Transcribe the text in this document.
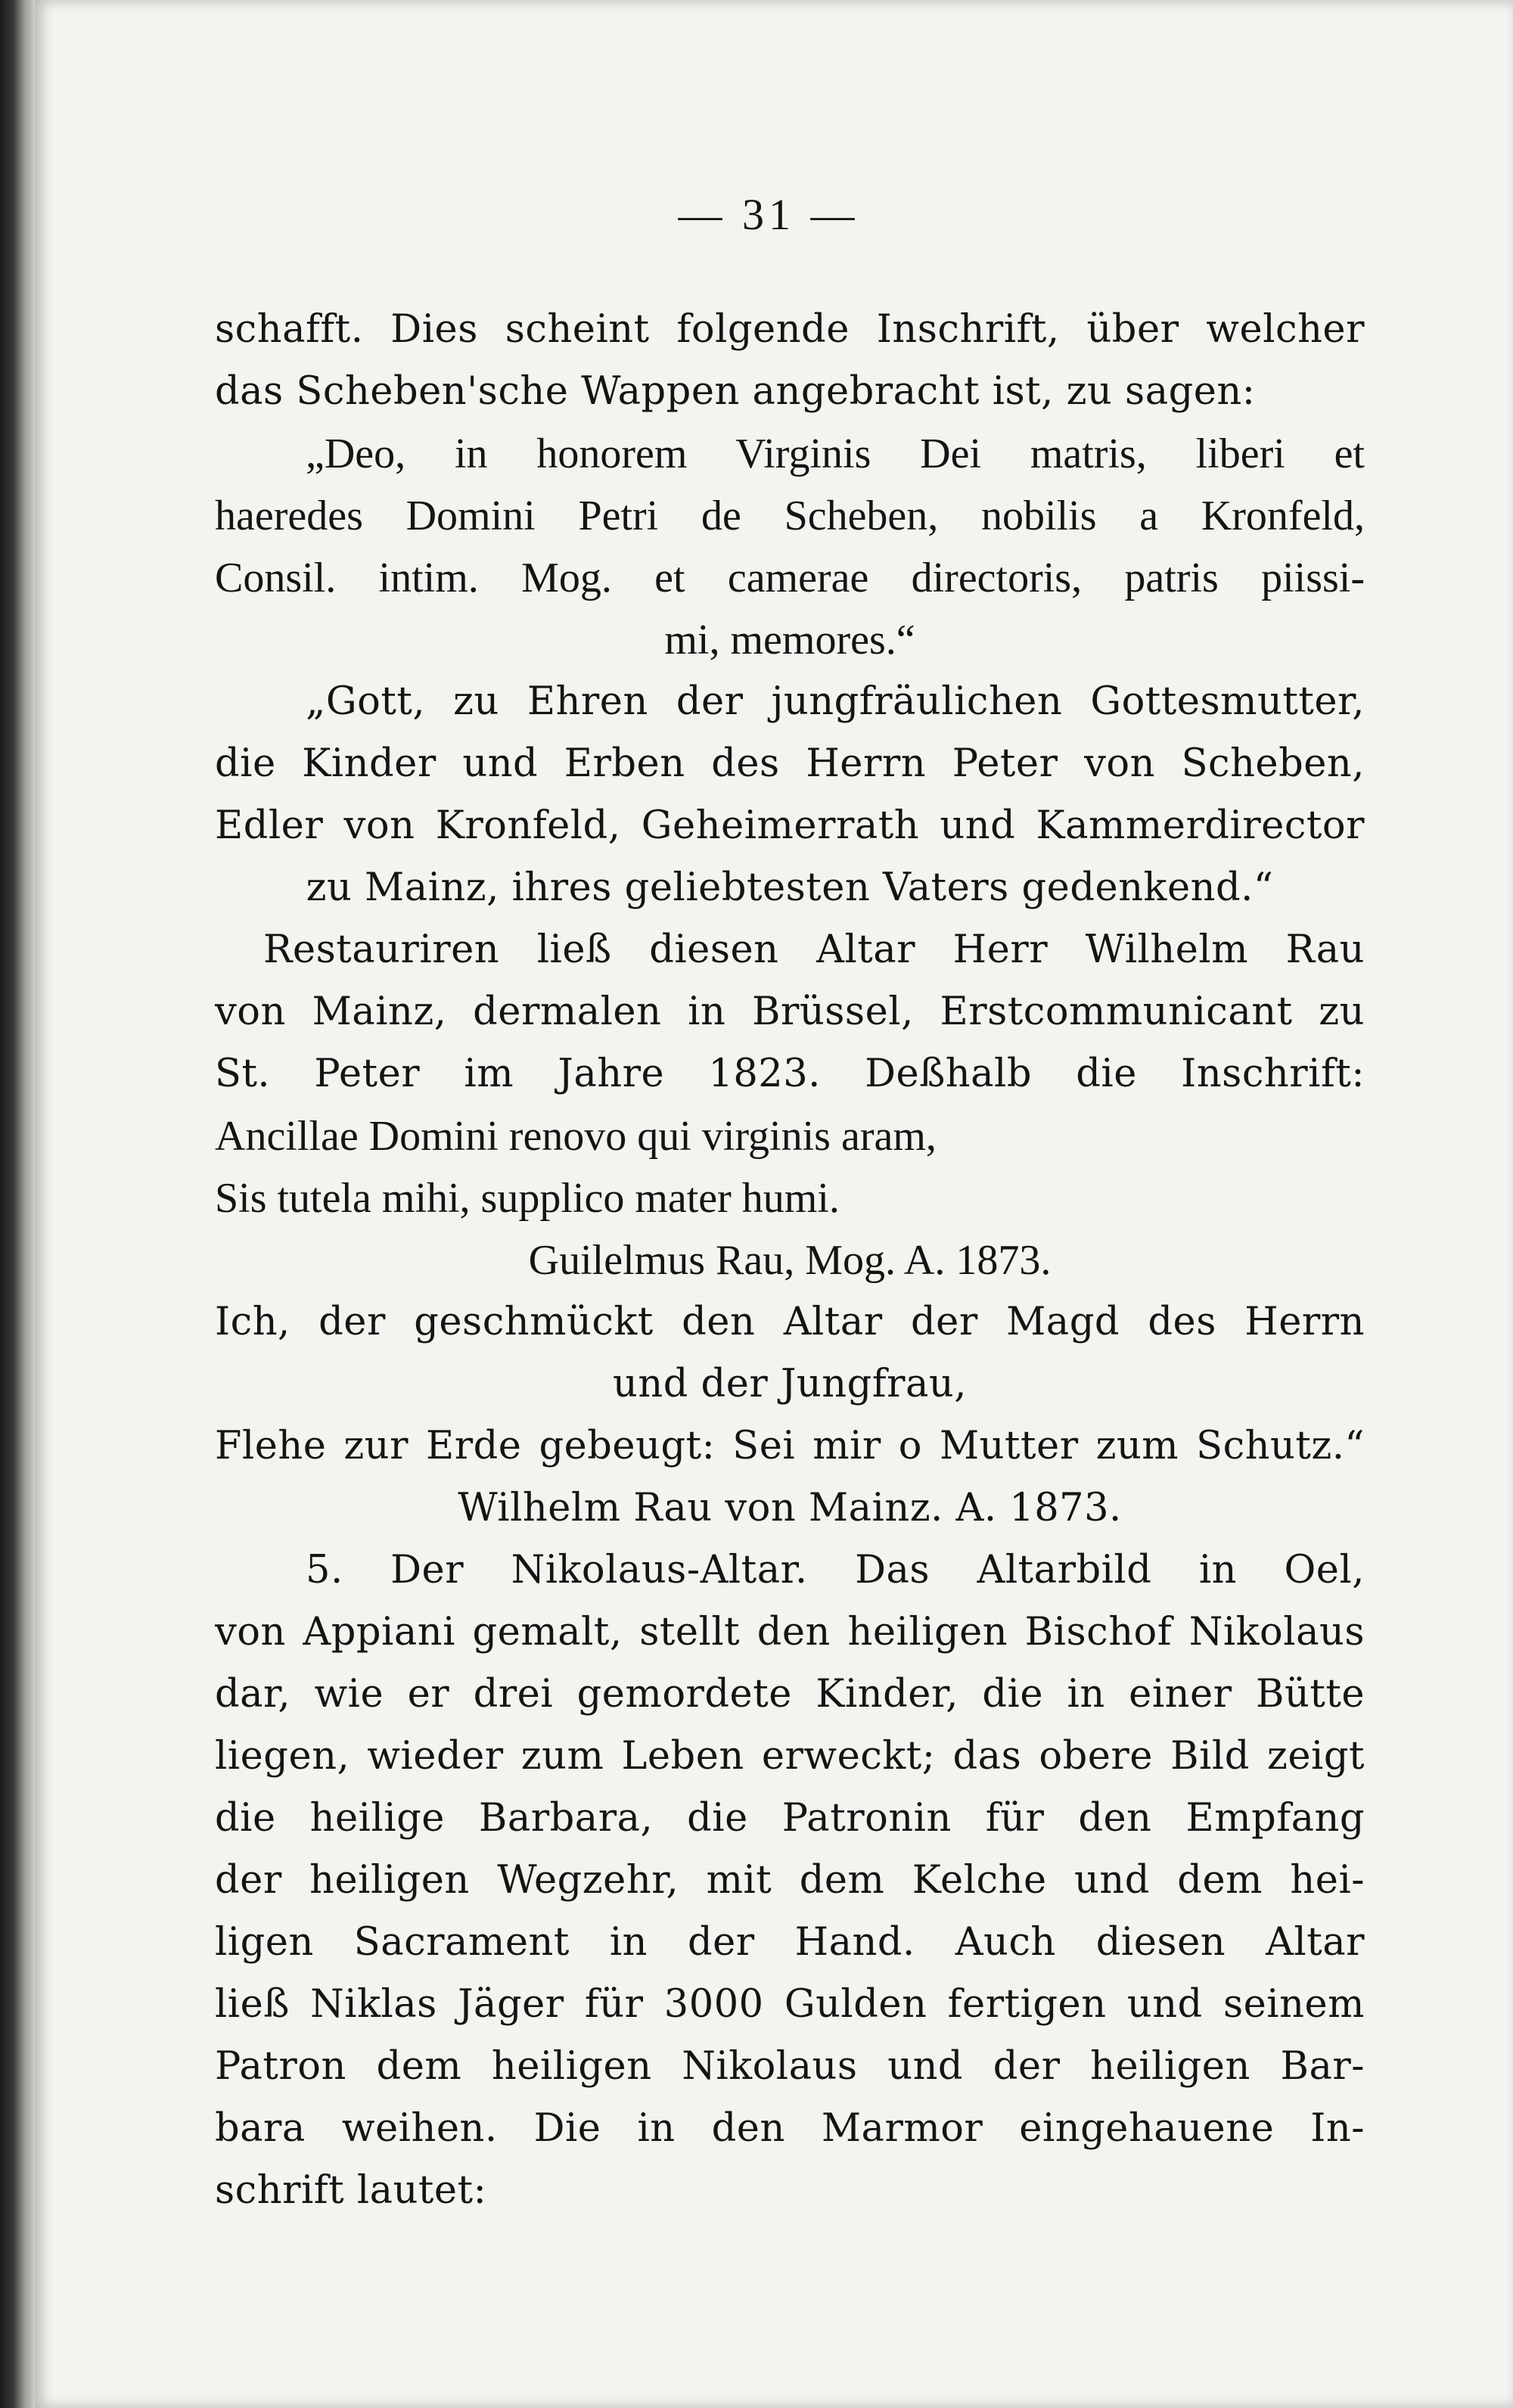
— 31 —
schafft. Dies scheint folgende Inschrift, über welcher
das Scheben'sche Wappen angebracht ist, zu sagen:
„Deo, in honorem Virginis Dei matris, liberi et
haeredes Domini Petri de Scheben, nobilis a Kronfeld,
Consil. intim. Mog. et camerae directoris, patris piissi-
mi, memores.“
„Gott, zu Ehren der jungfräulichen Gottesmutter,
die Kinder und Erben des Herrn Peter von Scheben,
Edler von Kronfeld, Geheimerrath und Kammerdirector
zu Mainz, ihres geliebtesten Vaters gedenkend.“
Restauriren ließ diesen Altar Herr Wilhelm Rau
von Mainz, dermalen in Brüssel, Erstcommunicant zu
St. Peter im Jahre 1823. Deßhalb die Inschrift:
Ancillae Domini renovo qui virginis aram,
Sis tutela mihi, supplico mater humi.
Guilelmus Rau, Mog. A. 1873.
Ich, der geschmückt den Altar der Magd des Herrn
und der Jungfrau,
Flehe zur Erde gebeugt: Sei mir o Mutter zum Schutz.“
Wilhelm Rau von Mainz. A. 1873.
5. Der Nikolaus-Altar. Das Altarbild in Oel,
von Appiani gemalt, stellt den heiligen Bischof Nikolaus
dar, wie er drei gemordete Kinder, die in einer Bütte
liegen, wieder zum Leben erweckt; das obere Bild zeigt
die heilige Barbara, die Patronin für den Empfang
der heiligen Wegzehr, mit dem Kelche und dem hei-
ligen Sacrament in der Hand. Auch diesen Altar
ließ Niklas Jäger für 3000 Gulden fertigen und seinem
Patron dem heiligen Nikolaus und der heiligen Bar-
bara weihen. Die in den Marmor eingehauene In-
schrift lautet:
